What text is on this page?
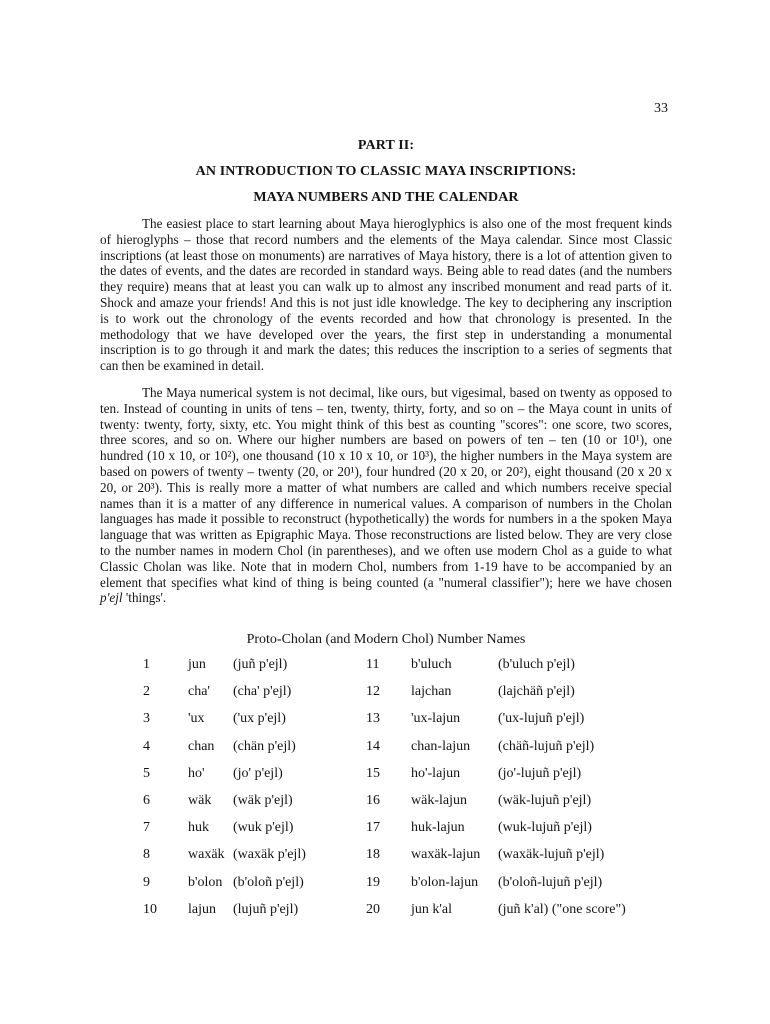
33
PART II:
AN INTRODUCTION TO CLASSIC MAYA INSCRIPTIONS:
MAYA NUMBERS AND THE CALENDAR

The easiest place to start learning about Maya hieroglyphics is also one of the most frequent kinds of hieroglyphs – those that record numbers and the elements of the Maya calendar. Since most Classic inscriptions (at least those on monuments) are narratives of Maya history, there is a lot of attention given to the dates of events, and the dates are recorded in standard ways. Being able to read dates (and the numbers they require) means that at least you can walk up to almost any inscribed monument and read parts of it. Shock and amaze your friends! And this is not just idle knowledge. The key to deciphering any inscription is to work out the chronology of the events recorded and how that chronology is presented. In the methodology that we have developed over the years, the first step in understanding a monumental inscription is to go through it and mark the dates; this reduces the inscription to a series of segments that can then be examined in detail.

The Maya numerical system is not decimal, like ours, but vigesimal, based on twenty as opposed to ten. Instead of counting in units of tens – ten, twenty, thirty, forty, and so on – the Maya count in units of twenty: twenty, forty, sixty, etc. You might think of this best as counting "scores": one score, two scores, three scores, and so on. Where our higher numbers are based on powers of ten – ten (10 or 10¹), one hundred (10 x 10, or 10²), one thousand (10 x 10 x 10, or 10³), the higher numbers in the Maya system are based on powers of twenty – twenty (20, or 20¹), four hundred (20 x 20, or 20²), eight thousand (20 x 20 x 20, or 20³). This is really more a matter of what numbers are called and which numbers receive special names than it is a matter of any difference in numerical values. A comparison of numbers in the Cholan languages has made it possible to reconstruct (hypothetically) the words for numbers in a the spoken Maya language that was written as Epigraphic Maya. Those reconstructions are listed below. They are very close to the number names in modern Chol (in parentheses), and we often use modern Chol as a guide to what Classic Cholan was like. Note that in modern Chol, numbers from 1-19 have to be accompanied by an element that specifies what kind of thing is being counted (a "numeral classifier"); here we have chosen p'ejl 'things'.

Proto-Cholan (and Modern Chol) Number Names
1	jun (juñ p'ejl)	11 b'uluch	(b'uluch p'ejl)
2	cha' (cha' p'ejl)	12 lajchan	(lajchäñ p'ejl)
3	'ux ('ux p'ejl)	13 'ux-lajun	('ux-lujuñ p'ejl)
4	chan (chän p'ejl)	14 chan-lajun (chäñ-lujuñ p'ejl)
5	ho' (jo' p'ejl)	15 ho'-lajun	(jo'-lujuñ p'ejl)
6	wäk (wäk p'ejl)	16 wäk-lajun (wäk-lujuñ p'ejl)
7	huk (wuk p'ejl)	17 huk-lajun (wuk-lujuñ p'ejl)
8	waxäk (waxäk p'ejl)	18 waxäk-lajun (waxäk-lujuñ p'ejl)
9	b'olon (b'oloñ p'ejl)	19 b'olon-lajun (b'oloñ-lujuñ p'ejl)
10 lajun (lujuñ p'ejl)	20 jun k'al	(juñ k'al) ("one score")
